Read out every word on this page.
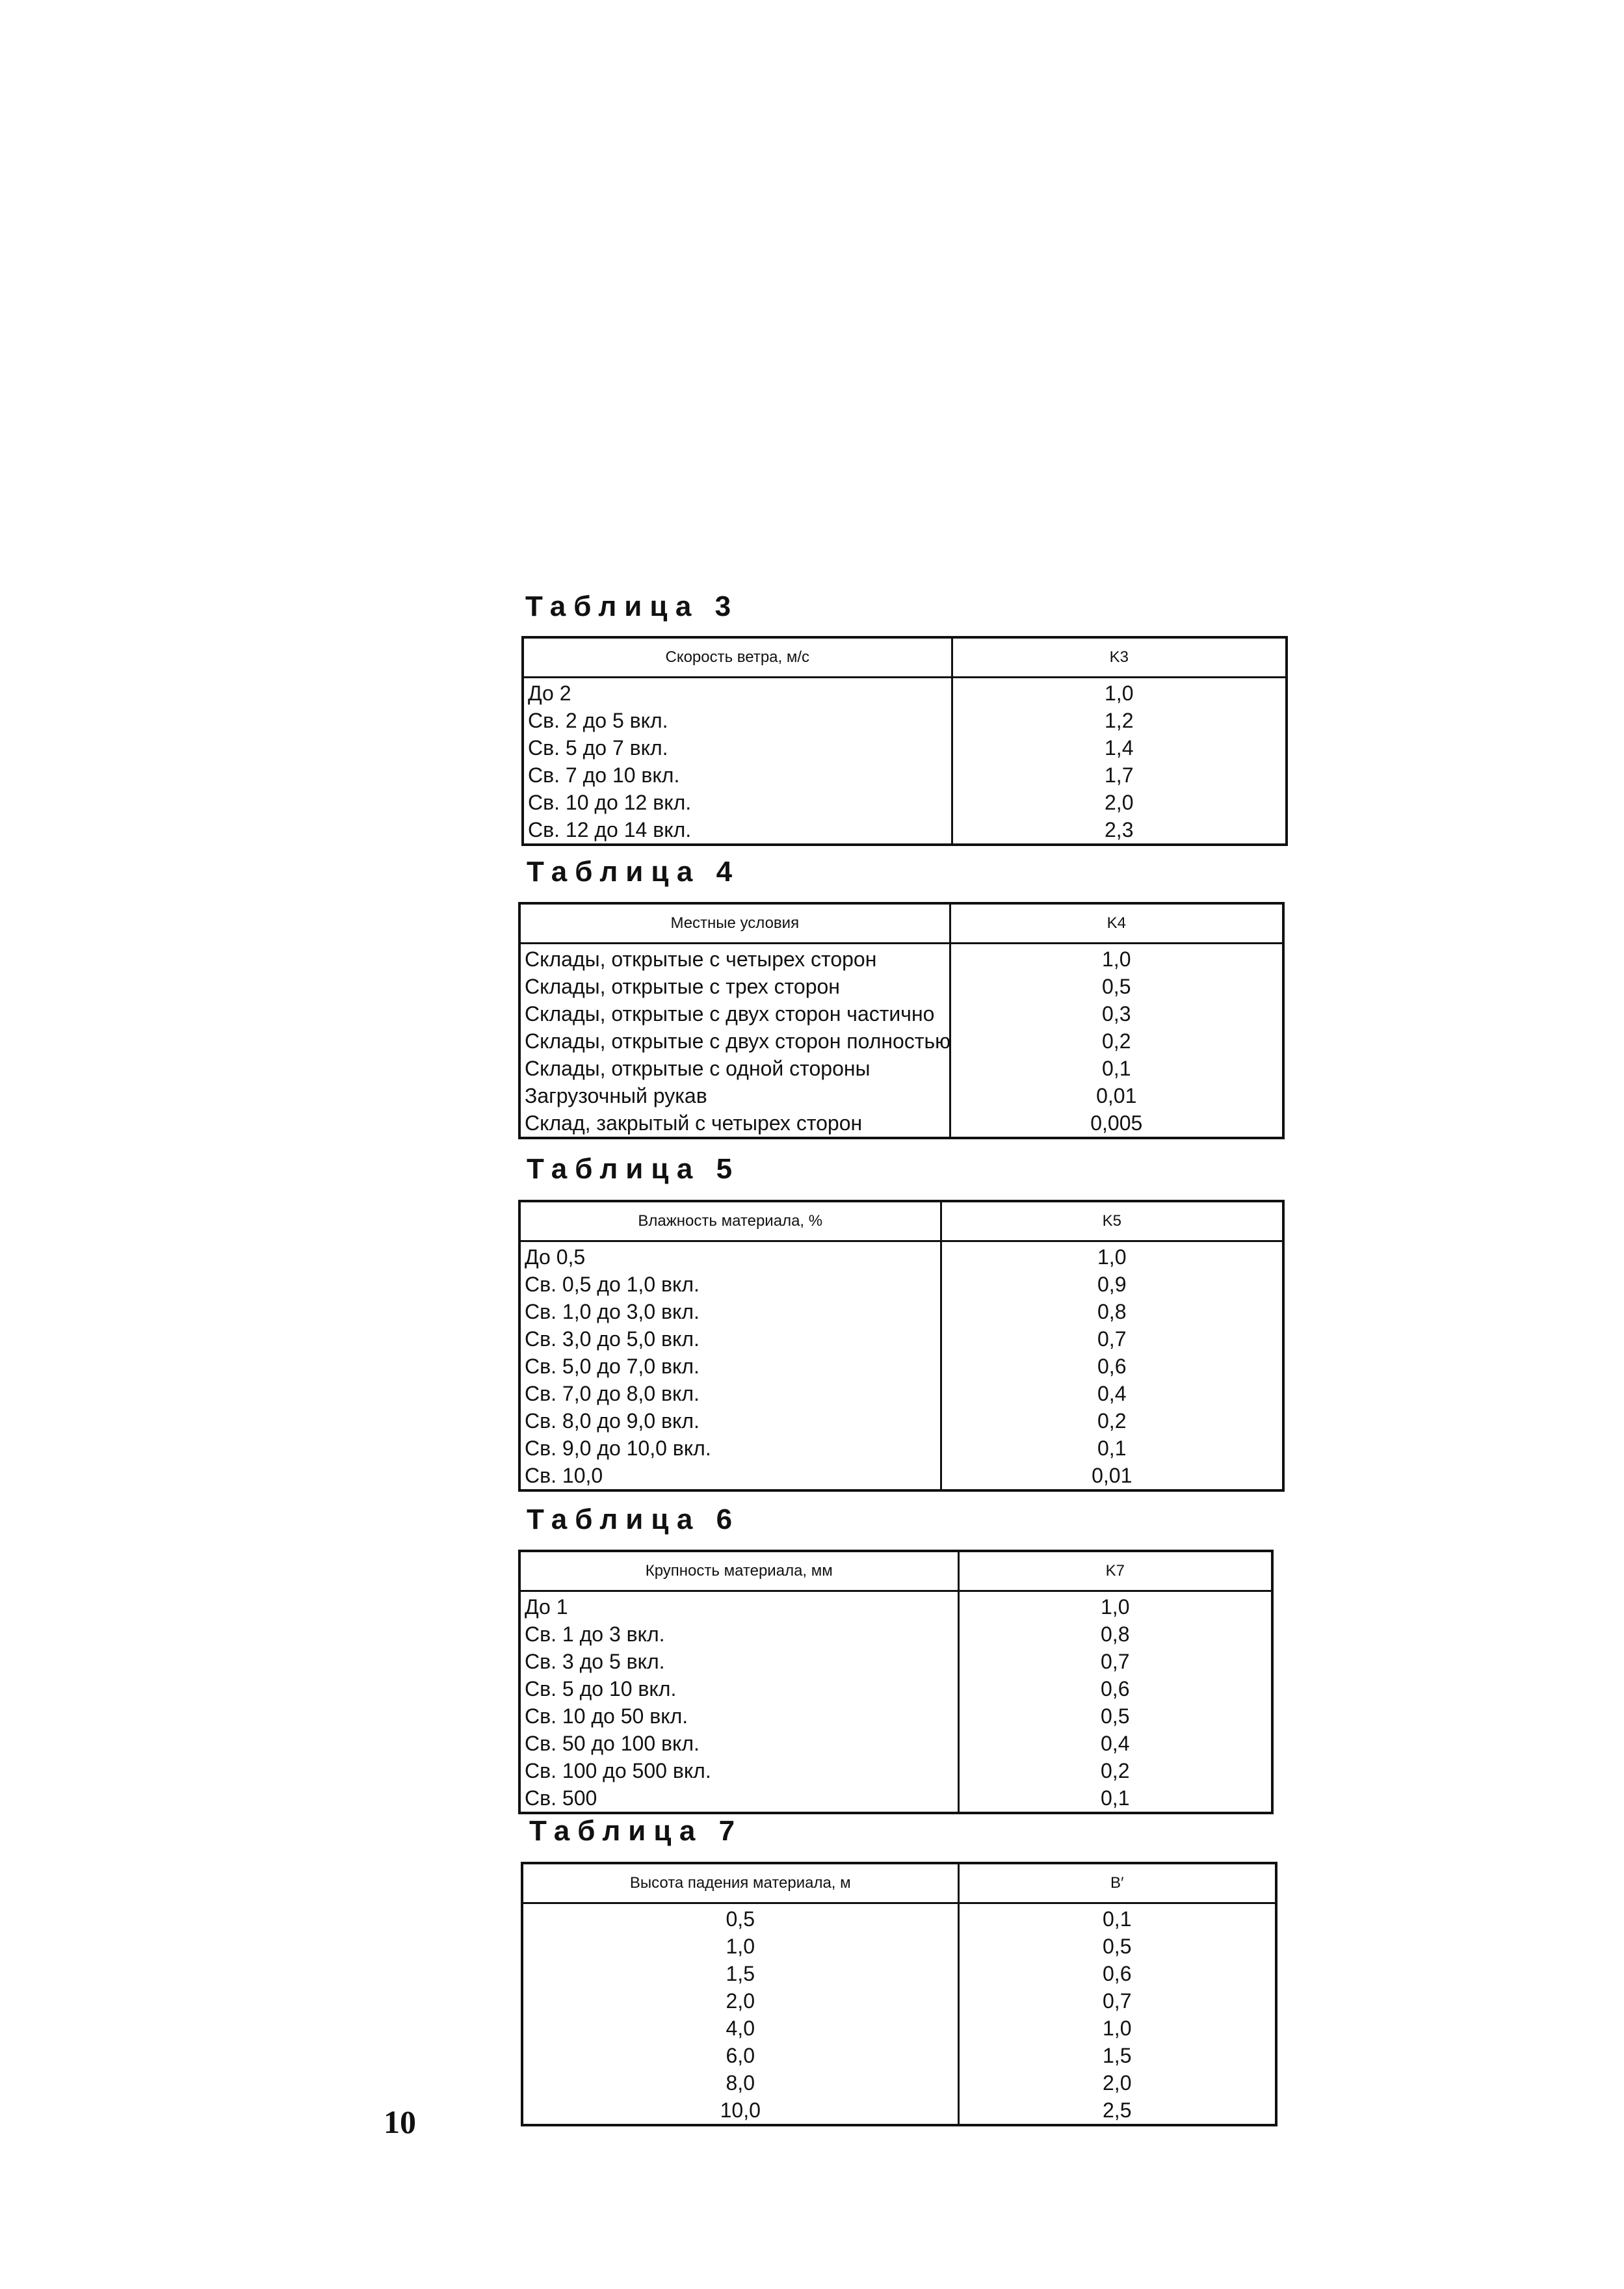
Таблица 3
Скорость ветра, м/с	K3
До 2	1,0
Св. 2 до 5 вкл.	1,2
Св. 5 до 7 вкл.	1,4
Св. 7 до 10 вкл.	1,7
Св. 10 до 12 вкл.	2,0
Св. 12 до 14 вкл.	2,3
Таблица 4
Местные условия	K4
Склады, открытые с четырех сторон	1,0
Склады, открытые с трех сторон	0,5
Склады, открытые с двух сторон частично	0,3
Склады, открытые с двух сторон полностью	0,2
Склады, открытые с одной стороны	0,1
Загрузочный рукав	0,01
Склад, закрытый с четырех сторон	0,005
Таблица 5
Влажность материала, %	K5
До 0,5	1,0
Св. 0,5 до 1,0 вкл.	0,9
Св. 1,0 до 3,0 вкл.	0,8
Св. 3,0 до 5,0 вкл.	0,7
Св. 5,0 до 7,0 вкл.	0,6
Св. 7,0 до 8,0 вкл.	0,4
Св. 8,0 до 9,0 вкл.	0,2
Св. 9,0 до 10,0 вкл.	0,1
Св. 10,0	0,01
Таблица 6
Крупность материала, мм	K7
До 1	1,0
Св. 1 до 3 вкл.	0,8
Св. 3 до 5 вкл.	0,7
Св. 5 до 10 вкл.	0,6
Св. 10 до 50 вкл.	0,5
Св. 50 до 100 вкл.	0,4
Св. 100 до 500 вкл.	0,2
Св. 500	0,1
Таблица 7
Высота падения материала, м	B′
0,5	0,1
1,0	0,5
1,5	0,6
2,0	0,7
4,0	1,0
6,0	1,5
8,0	2,0
10,0	2,5
10
